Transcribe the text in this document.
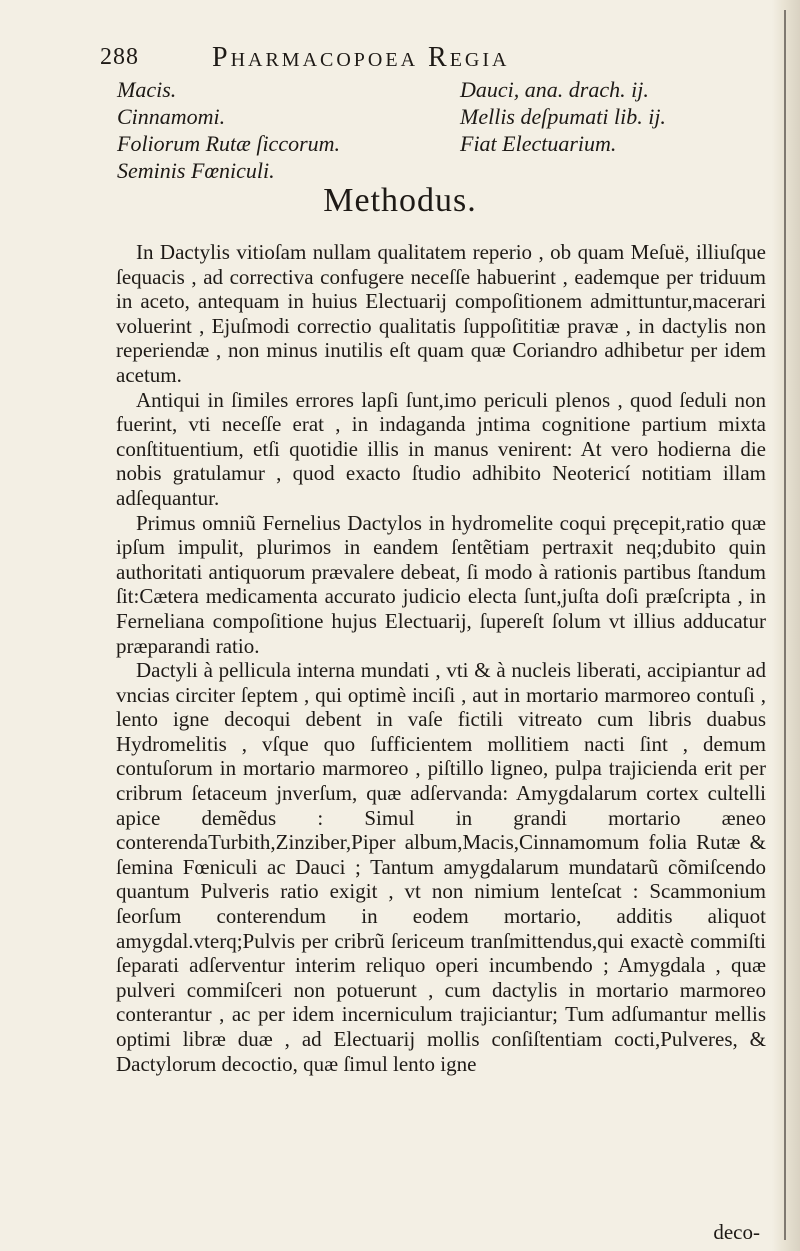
288	Pharmacopoea Regia
Macis.
Cinnamomi.
Foliorum Rutæ ſiccorum.
Seminis Fœniculi.
Dauci, ana. drach. ij.
Mellis deſpumati lib. ij.
Fiat Electuarium.
Methodus.

In Dactylis vitioſam nullam qualitatem reperio , ob quam Meſuë, illiuſque ſequacis , ad correctiva confugere neceſſe habuerint , eademque per triduum in aceto, antequam in huius Electuarij compoſitionem admittuntur,macerari voluerint , Ejuſmodi correctio qualitatis ſuppoſititiæ pravæ , in dactylis non reperiendæ , non minus inutilis eſt quam quæ Coriandro adhibetur per idem acetum.

Antiqui in ſimiles errores lapſi ſunt,imo periculi plenos , quod ſeduli non fuerint, vti neceſſe erat , in indaganda jntima cognitione partium mixta conſtituentium, etſi quotidie illis in manus venirent: At vero hodierna die nobis gratulamur , quod exacto ſtudio adhibito Neotericí notitiam illam adſequantur.

Primus omniũ Fernelius Dactylos in hydromelite coqui pręcepit,ratio quæ ipſum impulit, plurimos in eandem ſentẽtiam pertraxit neq;dubito quin authoritati antiquorum prævalere debeat, ſi modo à rationis partibus ſtandum ſit:Cætera medicamenta accurato judicio electa ſunt,juſta doſi præſcripta , in Ferneliana compoſitione hujus Electuarij, ſupereſt ſolum vt illius adducatur præparandi ratio.

Dactyli à pellicula interna mundati , vti & à nucleis liberati, accipiantur ad vncias circiter ſeptem , qui optimè inciſi , aut in mortario marmoreo contuſi , lento igne decoqui debent in vaſe fictili vitreato cum libris duabus Hydromelitis , vſque quo ſufficientem mollitiem nacti ſint , demum contuſorum in mortario marmoreo , piſtillo ligneo, pulpa trajicienda erit per cribrum ſetaceum jnverſum, quæ adſervanda: Amygdalarum cortex cultelli apice demẽdus : Simul in grandi mortario æneo conterendaTurbith,Zinziber,Piper album,Macis,Cinnamomum folia Rutæ & ſemina Fœniculi ac Dauci ; Tantum amygdalarum mundatarũ cõmiſcendo quantum Pulveris ratio exigit , vt non nimium lenteſcat : Scammonium ſeorſum conterendum in eodem mortario, additis aliquot amygdal.vterq;Pulvis per cribrũ ſericeum tranſmittendus,qui exactè commiſti ſeparati adſerventur interim reliquo operi incumbendo ; Amygdala , quæ pulveri commiſceri non potuerunt , cum dactylis in mortario marmoreo conterantur , ac per idem incerniculum trajiciantur; Tum adſumantur mellis optimi libræ duæ , ad Electuarij mollis conſiſtentiam cocti,Pulveres, & Dactylorum decoctio, quæ ſimul lento igne

deco-
